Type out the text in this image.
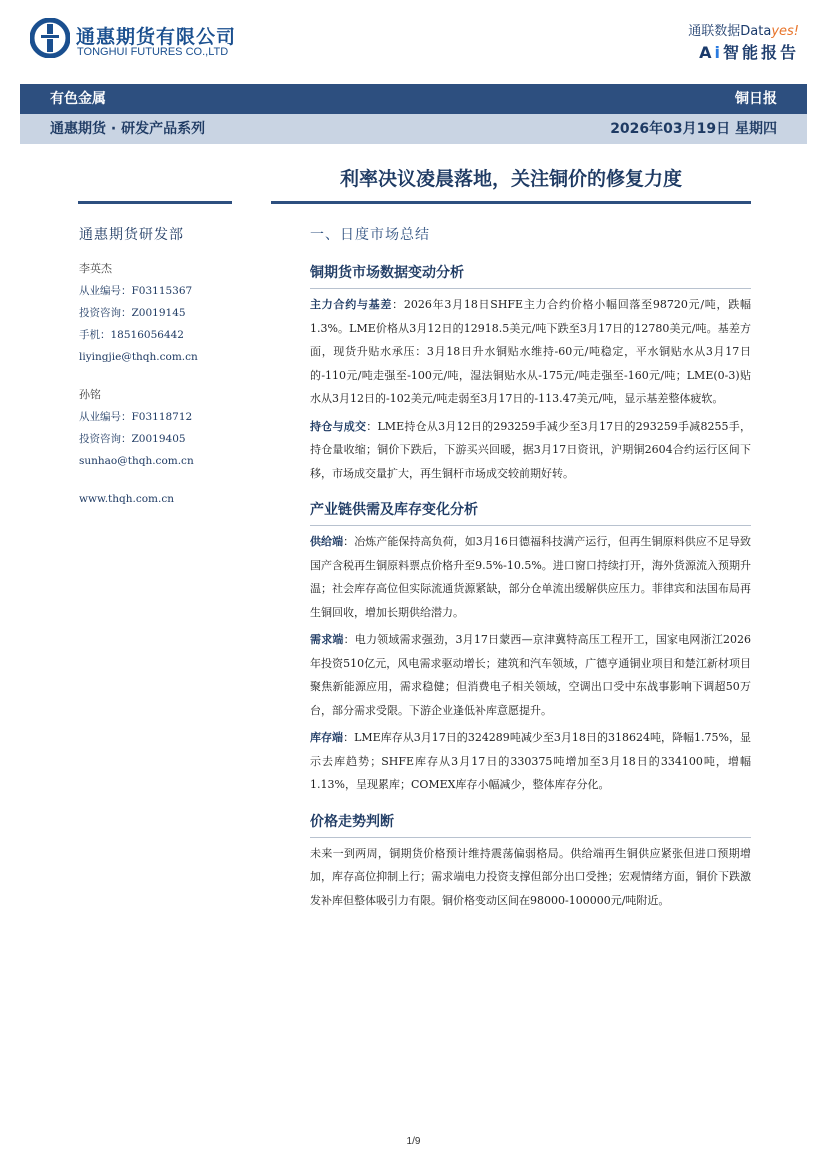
通惠期货有限公司
TONGHUI FUTURES CO.,LTD
通联数据Datayes!
Ai智能报告
有色金属	铜日报
通惠期货 · 研发产品系列	2026年03月19日 星期四
利率决议凌晨落地，关注铜价的修复力度
通惠期货研发部
李英杰
从业编号：F03115367
投资咨询：Z0019145
手机：18516056442
liyingjie@thqh.com.cn
孙铭
从业编号：F03118712
投资咨询：Z0019405
sunhao@thqh.com.cn
www.thqh.com.cn
一、日度市场总结
铜期货市场数据变动分析

主力合约与基差：2026年3月18日SHFE主力合约价格小幅回落至98720元/吨，跌幅1.3%。LME价格从3月12日的12918.5美元/吨下跌至3月17日的12780美元/吨。基差方面，现货升贴水承压：3月18日升水铜贴水维持-60元/吨稳定，平水铜贴水从3月17日的-110元/吨走强至-100元/吨，湿法铜贴水从-175元/吨走强至-160元/吨；LME(0-3)贴水从3月12日的-102美元/吨走弱至3月17日的-113.47美元/吨，显示基差整体疲软。

持仓与成交：LME持仓从3月12日的293259手减少至3月17日的293259手减8255手，持仓量收缩；铜价下跌后，下游买兴回暖，据3月17日资讯，沪期铜2604合约运行区间下移，市场成交量扩大，再生铜杆市场成交较前期好转。

产业链供需及库存变化分析

供给端：冶炼产能保持高负荷，如3月16日德福科技满产运行，但再生铜原料供应不足导致国产含税再生铜原料票点价格升至9.5%-10.5%。进口窗口持续打开，海外货源流入预期升温；社会库存高位但实际流通货源紧缺，部分仓单流出缓解供应压力。菲律宾和法国布局再生铜回收，增加长期供给潜力。

需求端：电力领域需求强劲，3月17日蒙西—京津冀特高压工程开工，国家电网浙江2026年投资510亿元，风电需求驱动增长；建筑和汽车领域，广德亨通铜业项目和楚江新材项目聚焦新能源应用，需求稳健；但消费电子相关领域，空调出口受中东战事影响下调超50万台，部分需求受限。下游企业逢低补库意愿提升。

库存端：LME库存从3月17日的324289吨减少至3月18日的318624吨，降幅1.75%，显示去库趋势；SHFE库存从3月17日的330375吨增加至3月18日的334100吨，增幅1.13%，呈现累库；COMEX库存小幅减少，整体库存分化。

价格走势判断

未来一到两周，铜期货价格预计维持震荡偏弱格局。供给端再生铜供应紧张但进口预期增加，库存高位抑制上行；需求端电力投资支撑但部分出口受挫；宏观情绪方面，铜价下跌激发补库但整体吸引力有限。铜价格变动区间在98000-100000元/吨附近。

1/9
